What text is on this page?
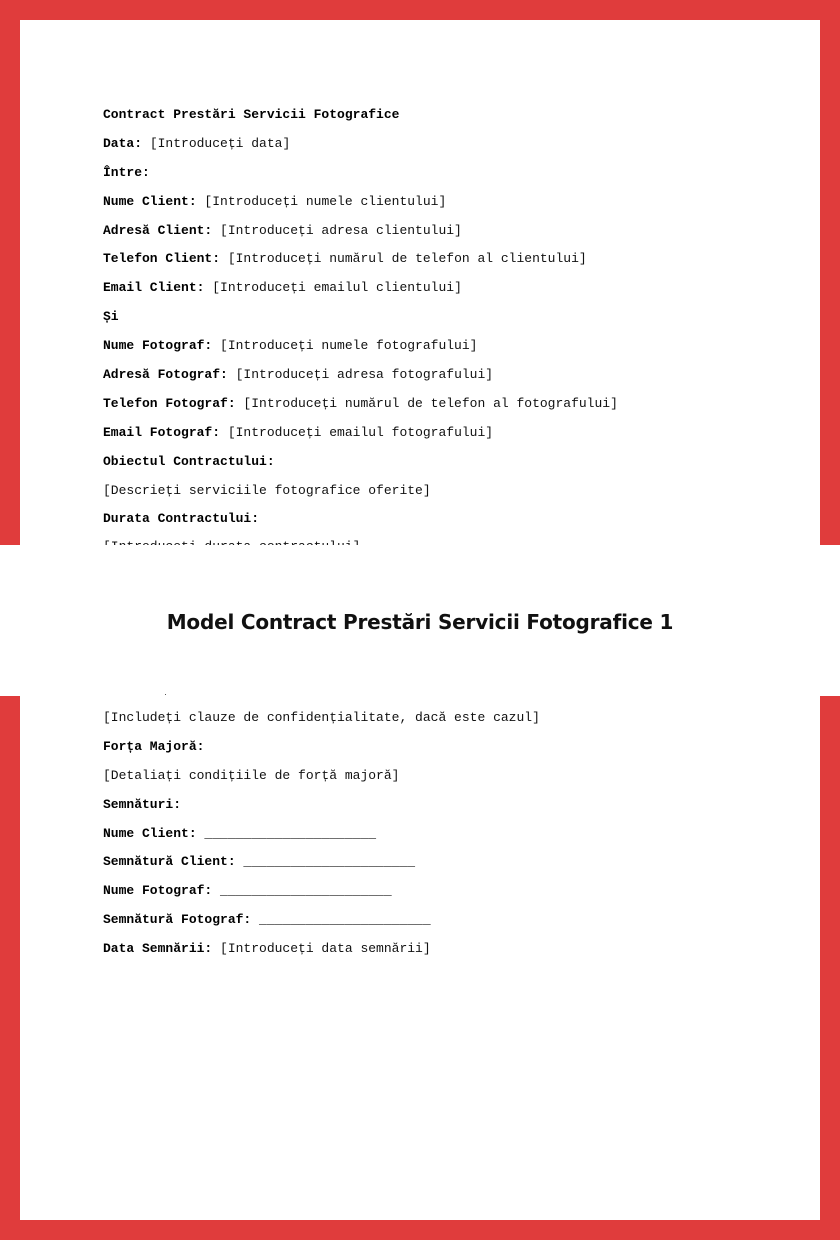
Contract Prestări Servicii Fotografice
Data: [Introduceți data]
Între:
Nume Client: [Introduceți numele clientului]
Adresă Client: [Introduceți adresa clientului]
Telefon Client: [Introduceți numărul de telefon al clientului]
Email Client: [Introduceți emailul clientului]
Și
Nume Fotograf: [Introduceți numele fotografului]
Adresă Fotograf: [Introduceți adresa fotografului]
Telefon Fotograf: [Introduceți numărul de telefon al fotografului]
Email Fotograf: [Introduceți emailul fotografului]
Obiectul Contractului:
[Descrieți serviciile fotografice oferite]
Durata Contractului:
Model Contract Prestări Servicii Fotografice 1
[Includeți clauze de confidențialitate, dacă este cazul]
Forța Majoră:
[Detaliați condițiile de forță majoră]
Semnături:
Nume Client: ______________________
Semnătură Client: ______________________
Nume Fotograf: ______________________
Semnătură Fotograf: ______________________
Data Semnării: [Introduceți data semnării]
